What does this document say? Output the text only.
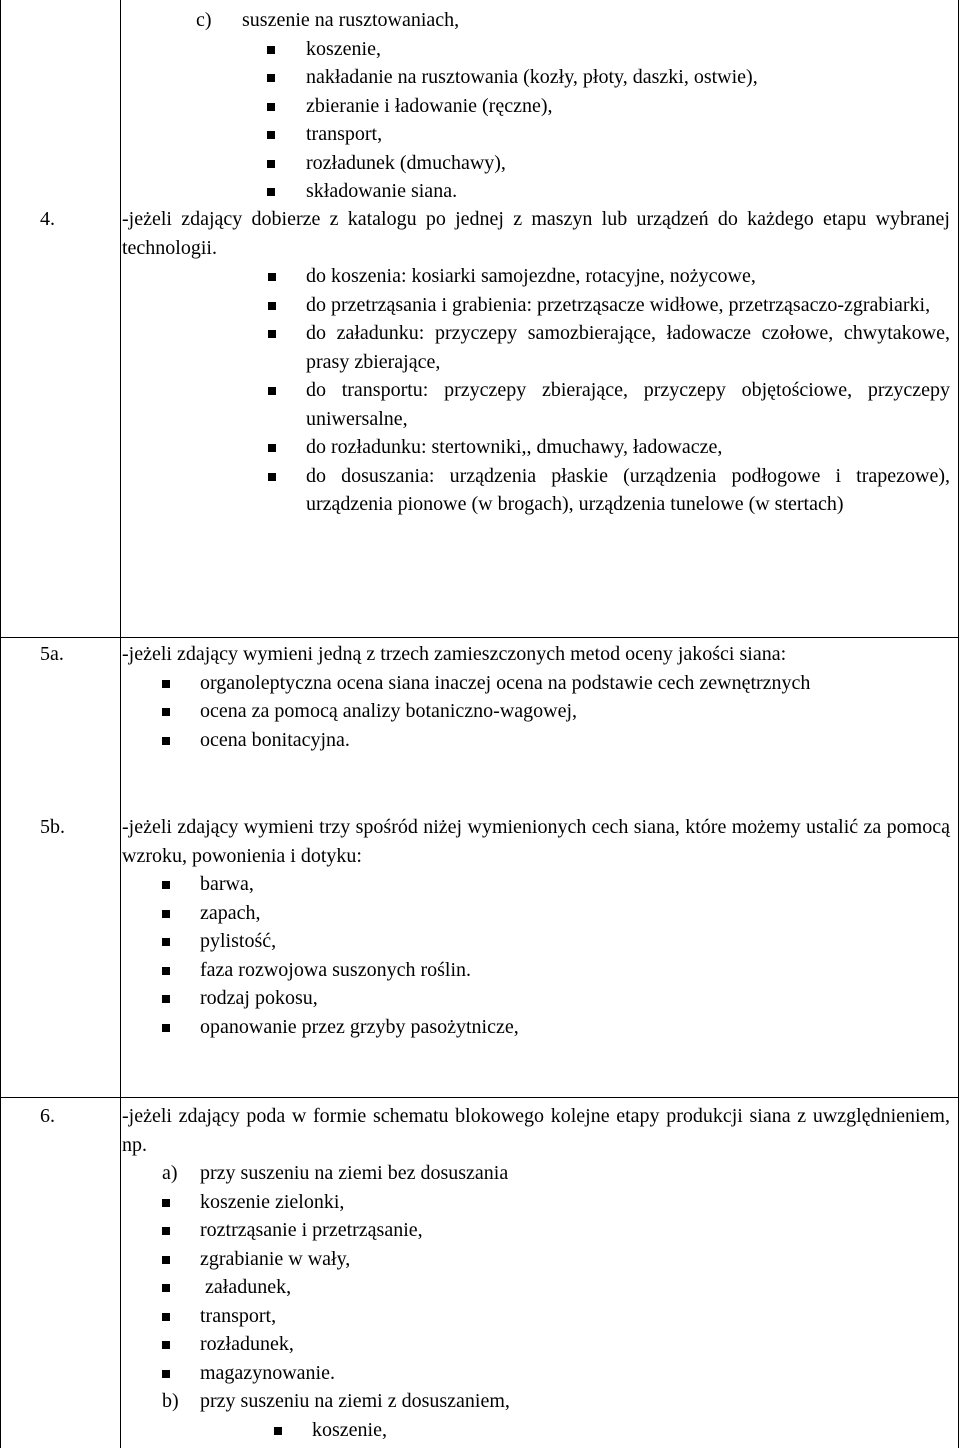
c) suszenie na rusztowaniach,
koszenie,
nakładanie na rusztowania (kozły, płoty, daszki, ostwie),
zbieranie i ładowanie (ręczne),
transport,
rozładunek (dmuchawy),
składowanie siana.
4.	-jeżeli zdający dobierze z katalogu po jednej z maszyn lub urządzeń do każdego etapu wybranej technologii.

do koszenia: kosiarki samojezdne, rotacyjne, nożycowe,
do przetrząsania i grabienia: przetrząsacze widłowe, przetrząsaczo-zgrabiarki,
do załadunku: przyczepy samozbierające, ładowacze czołowe, chwytakowe, prasy zbierające,
do transportu: przyczepy zbierające, przyczepy objętościowe, przyczepy uniwersalne,
do rozładunku: stertowniki,, dmuchawy, ładowacze,
do dosuszania: urządzenia płaskie (urządzenia podłogowe i trapezowe), urządzenia pionowe (w brogach), urządzenia tunelowe (w stertach)
5a.	-jeżeli zdający wymieni jedną z trzech zamieszczonych metod oceny jakości siana:

organoleptyczna ocena siana inaczej ocena na podstawie cech zewnętrznych
ocena za pomocą analizy botaniczno-wagowej,
ocena bonitacyjna.
5b.	-jeżeli zdający wymieni trzy spośród niżej wymienionych cech siana, które możemy ustalić za pomocą wzroku, powonienia i dotyku:

barwa,
zapach,
pylistość,
faza rozwojowa suszonych roślin.
rodzaj pokosu,
opanowanie przez grzyby pasożytnicze,
6.	-jeżeli zdający poda w formie schematu blokowego kolejne etapy produkcji siana z uwzględnieniem, np.

a) przy suszeniu na ziemi bez dosuszania
koszenie zielonki,
roztrząsanie i przetrząsanie,
zgrabianie w wały,
załadunek,
transport,
rozładunek,
magazynowanie.
b) przy suszeniu na ziemi z dosuszaniem,
koszenie,
